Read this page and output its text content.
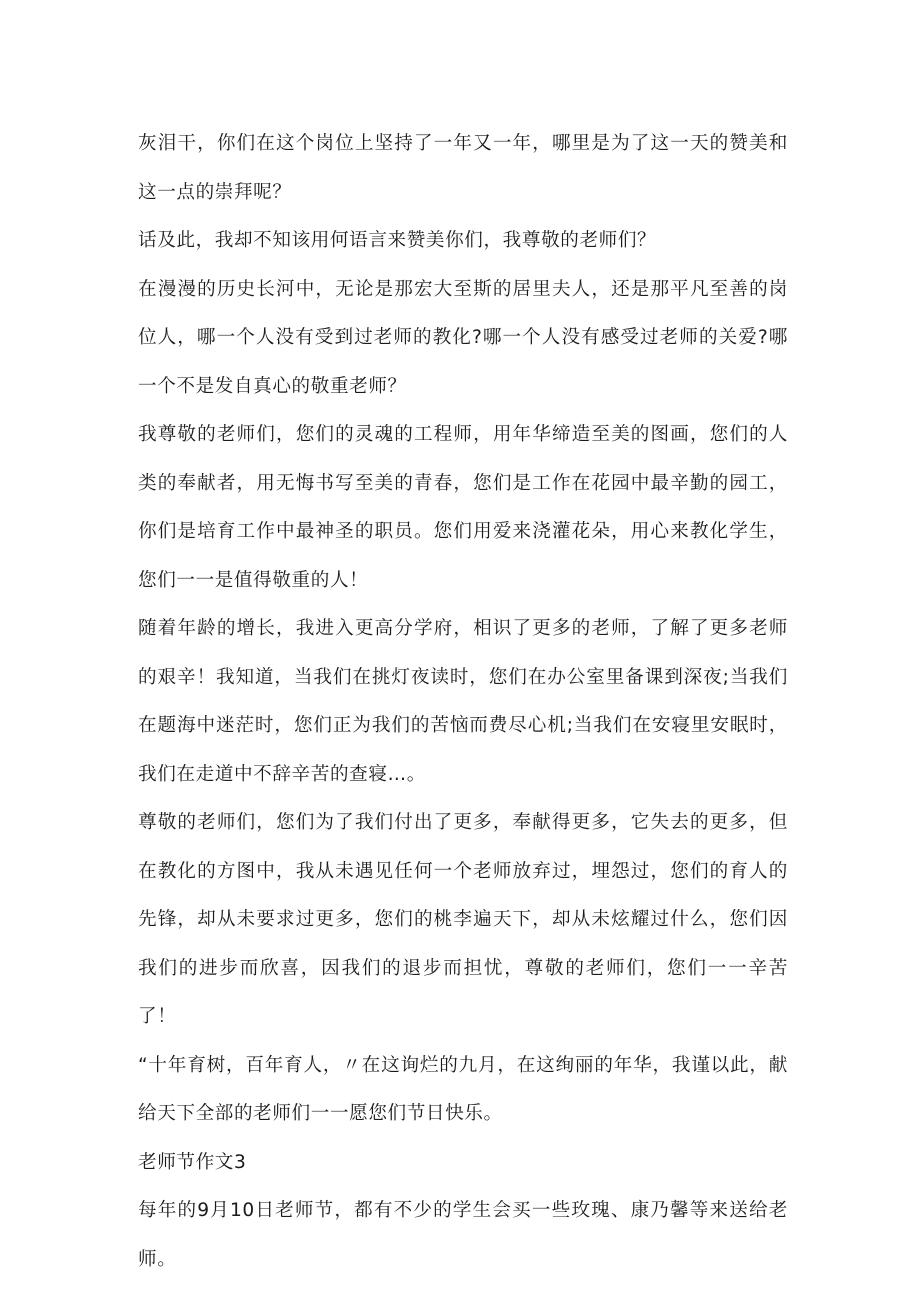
灰泪干，你们在这个岗位上坚持了一年又一年，哪里是为了这一天的赞美和这一点的崇拜呢？

话及此，我却不知该用何语言来赞美你们，我尊敬的老师们？

在漫漫的历史长河中，无论是那宏大至斯的居里夫人，还是那平凡至善的岗位人，哪一个人没有受到过老师的教化?哪一个人没有感受过老师的关爱?哪一个不是发自真心的敬重老师？

我尊敬的老师们，您们的灵魂的工程师，用年华缔造至美的图画，您们的人类的奉献者，用无悔书写至美的青春，您们是工作在花园中最辛勤的园工，你们是培育工作中最神圣的职员。您们用爱来浇灌花朵，用心来教化学生，您们一一是值得敬重的人！

随着年龄的增长，我进入更高分学府，相识了更多的老师，了解了更多老师的艰辛！我知道，当我们在挑灯夜读时，您们在办公室里备课到深夜;当我们在题海中迷茫时，您们正为我们的苦恼而费尽心机;当我们在安寝里安眠时，我们在走道中不辞辛苦的查寝…。

尊敬的老师们，您们为了我们付出了更多，奉献得更多，它失去的更多，但在教化的方图中，我从未遇见任何一个老师放弃过，埋怨过，您们的育人的先锋，却从未要求过更多，您们的桃李遍天下，却从未炫耀过什么，您们因我们的进步而欣喜，因我们的退步而担忧，尊敬的老师们，您们一一辛苦了！

“十年育树，百年育人，〃在这询烂的九月，在这绚丽的年华，我谨以此，献给天下全部的老师们一一愿您们节日快乐。

老师节作文3

每年的9月10日老师节，都有不少的学生会买一些玫瑰、康乃馨等来送给老师。
